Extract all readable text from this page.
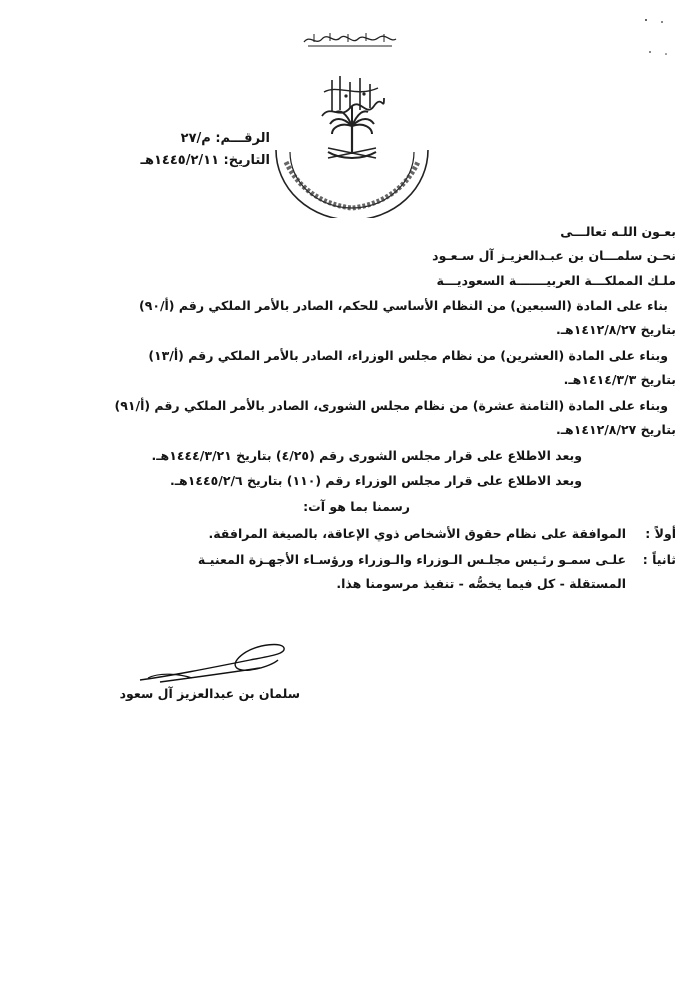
الرقـــم: م/٢٧
التاريخ: ١٤٤٥/٢/١١هـ
بعـون اللـه تعالـــى
نحـن سلمـــان بن عبـدالعزيـز آل سـعـود
ملـك المملكـــة العربيـــــــة السعوديـــة
بناء على المادة (السبعين) من النظام الأساسي للحكم، الصادر بالأمر الملكي رقم (أ/٩٠)
بتاريخ ١٤١٢/٨/٢٧هـ.
وبناء على المادة (العشرين) من نظام مجلس الوزراء، الصادر بالأمر الملكي رقم (أ/١٣)
بتاريخ ١٤١٤/٣/٣هـ.
وبناء على المادة (الثامنة عشرة) من نظام مجلس الشورى، الصادر بالأمر الملكي رقم (أ/٩١)
بتاريخ ١٤١٢/٨/٢٧هـ.
وبعد الاطلاع على قرار مجلس الشورى رقم (٤/٢٥) بتاريخ ١٤٤٤/٣/٢١هـ.
وبعد الاطلاع على قرار مجلس الوزراء رقم (١١٠) بتاريخ ١٤٤٥/٢/٦هـ.
رسمنا بما هو آت:
أولاً :
الموافقة على نظام حقوق الأشخاص ذوي الإعاقة، بالصيغة المرافقة.
ثانياً :
علـى سمـو رئـيس مجلـس الـوزراء والـوزراء ورؤسـاء الأجهـزة المعنيـة
المستقلة - كل فيما يخصُّه - تنفيذ مرسومنا هذا.
سلمان بن عبدالعزيز آل سعود
